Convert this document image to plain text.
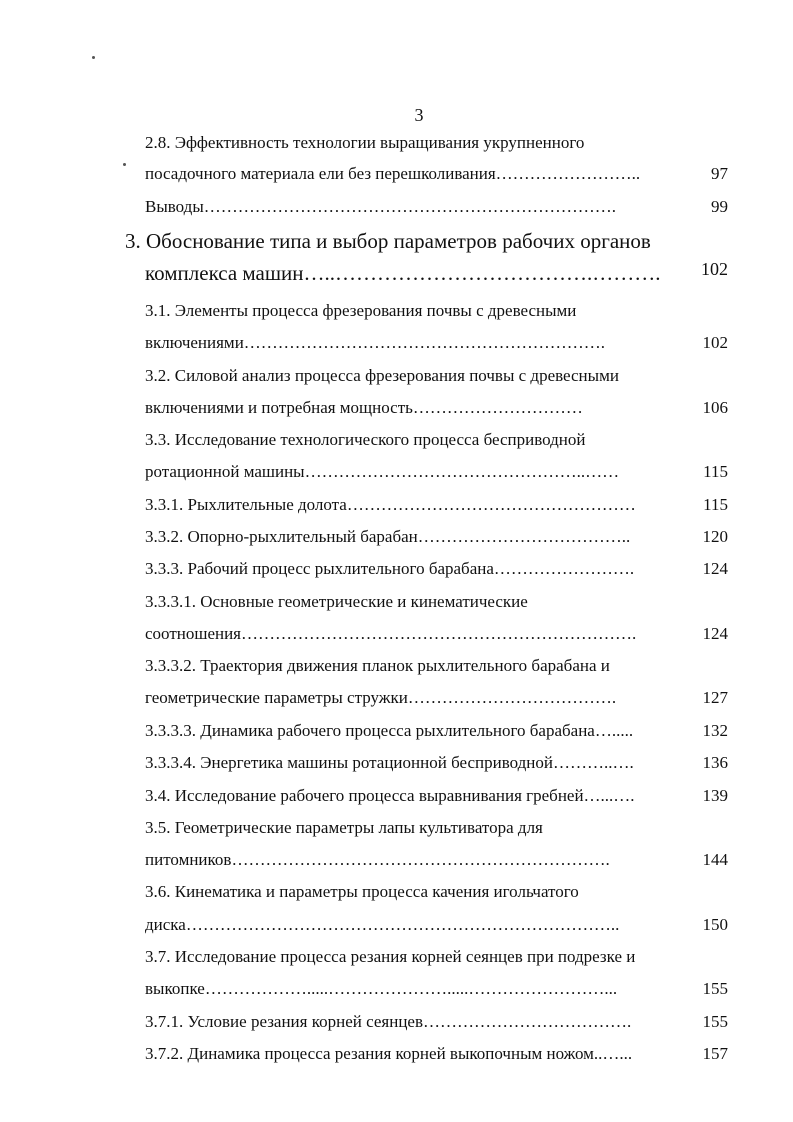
3
2.8. Эффективность технологии выращивания укрупненного
посадочного материала ели без перешколивания……………………..	97
Выводы……………………………………………………………….	99
3. Обоснование типа и выбор параметров рабочих органов
комплекса машин…..……………………………….……….	102
3.1. Элементы процесса фрезерования почвы с древесными
включениями……………………………………………………….	102
3.2. Силовой анализ процесса фрезерования почвы с древесными
включениями и потребная мощность…………………………	106
3.3. Исследование технологического процесса бесприводной
ротационной машины…………………………………………..……	115
3.3.1. Рыхлительные долота……………………………………………	115
3.3.2. Опорно-рыхлительный барабан………………………………..	120
3.3.3. Рабочий процесс рыхлительного барабана…………………….	124
3.3.3.1. Основные геометрические и кинематические
соотношения…………………………………………………………….	124
3.3.3.2. Траектория движения планок рыхлительного барабана и
геометрические параметры стружки……………………………….	127
3.3.3.3. Динамика рабочего процесса рыхлительного барабана….....	132
3.3.3.4. Энергетика машины ротационной бесприводной………..….	136
3.4. Исследование рабочего процесса выравнивания гребней…...….	139
3.5. Геометрические параметры лапы культиватора для
питомников………………………………………………………….	144
3.6. Кинематика и параметры процесса качения игольчатого
диска…………………………………………………………………..	150
3.7. Исследование процесса резания корней сеянцев при подрезке и
выкопке……………….....………………….....……………………...	155
3.7.1. Условие резания корней сеянцев……………………………….	155
3.7.2. Динамика процесса резания корней выкопочным ножом..…...	157
